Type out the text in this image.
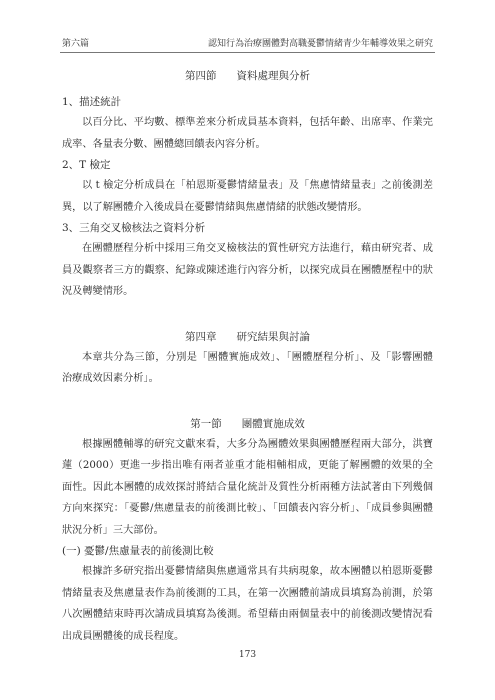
第六篇	認知行為治療團體對高職憂鬱情緒青少年輔導效果之研究
第四節 資料處理與分析
1、描述統計
以百分比、平均數、標準差來分析成員基本資料，包括年齡、出席率、作業完成率、各量表分數、團體總回饋表內容分析。
2、T 檢定
以 t 檢定分析成員在「柏恩斯憂鬱情緒量表」及「焦慮情緒量表」之前後測差異，以了解團體介入後成員在憂鬱情緒與焦慮情緒的狀態改變情形。
3、三角交叉檢核法之資料分析
在團體歷程分析中採用三角交叉檢核法的質性研究方法進行，藉由研究者、成員及觀察者三方的觀察、紀錄或陳述進行內容分析，以探究成員在團體歷程中的狀況及轉變情形。
第四章 研究結果與討論
本章共分為三節，分別是「團體實施成效」、「團體歷程分析」、及「影響團體治療成效因素分析」。
第一節 團體實施成效
根據團體輔導的研究文獻來看，大多分為團體效果與團體歷程兩大部分，洪寶蓮（2000）更進一步指出唯有兩者並重才能相輔相成，更能了解團體的效果的全面性。因此本團體的成效探討將結合量化統計及質性分析兩種方法試著由下列幾個方向來探究：「憂鬱/焦慮量表的前後測比較」、「回饋表內容分析」、「成員參與團體狀況分析」三大部份。
(一) 憂鬱/焦慮量表的前後測比較
根據許多研究指出憂鬱情緒與焦慮通常具有共病現象，故本團體以柏恩斯憂鬱情緒量表及焦慮量表作為前後測的工具，在第一次團體前請成員填寫為前測，於第八次團體結束時再次請成員填寫為後測。希望藉由兩個量表中的前後測改變情況看出成員團體後的成長程度。
173
